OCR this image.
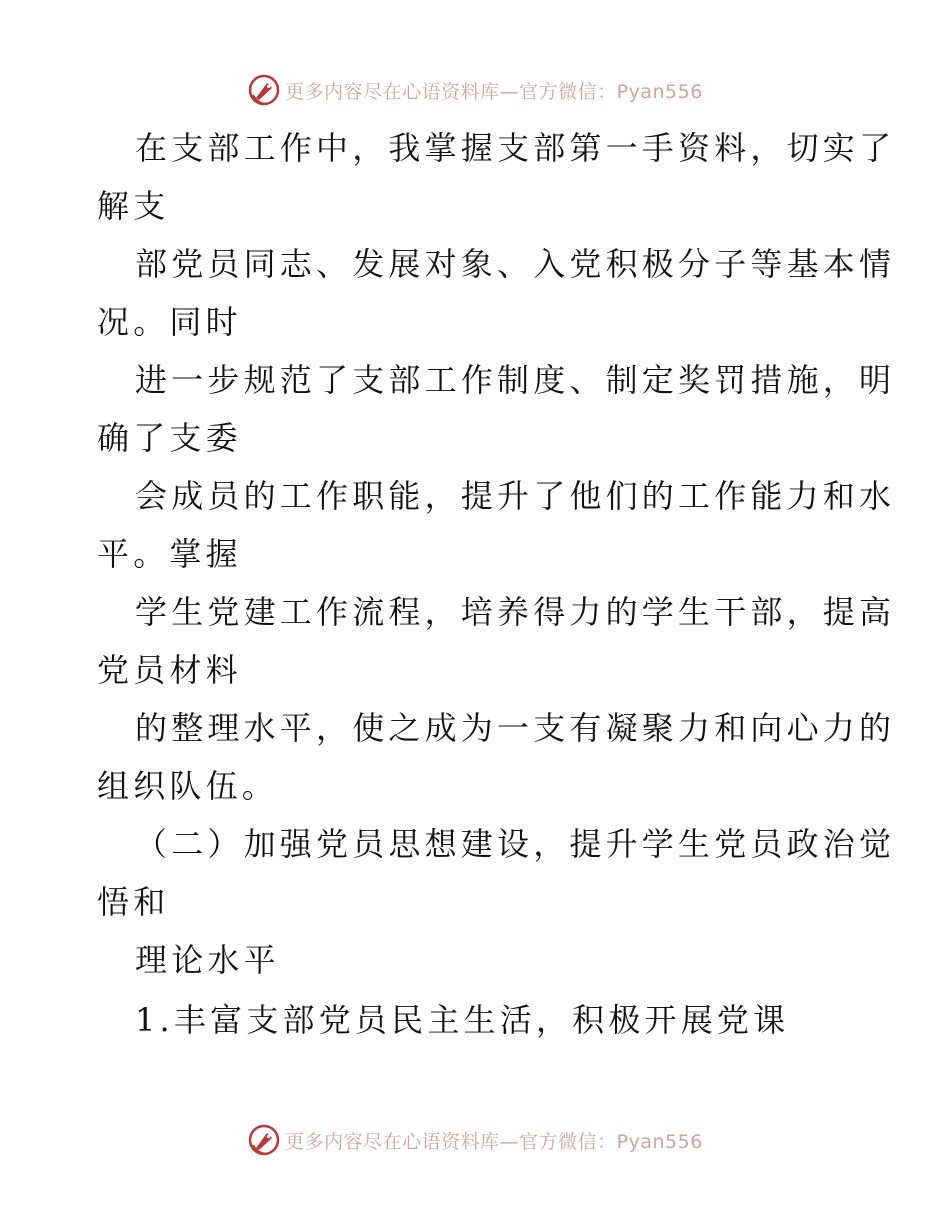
更多内容尽在心语资料库—官方微信：Pyan556
在支部工作中，我掌握支部第一手资料，切实了
解支
部党员同志、发展对象、入党积极分子等基本情
况。同时
进一步规范了支部工作制度、制定奖罚措施，明
确了支委
会成员的工作职能，提升了他们的工作能力和水
平。掌握
学生党建工作流程，培养得力的学生干部，提高
党员材料
的整理水平，使之成为一支有凝聚力和向心力的
组织队伍。
（二）加强党员思想建设，提升学生党员政治觉
悟和
理论水平
1.丰富支部党员民主生活，积极开展党课
更多内容尽在心语资料库—官方微信：Pyan556
